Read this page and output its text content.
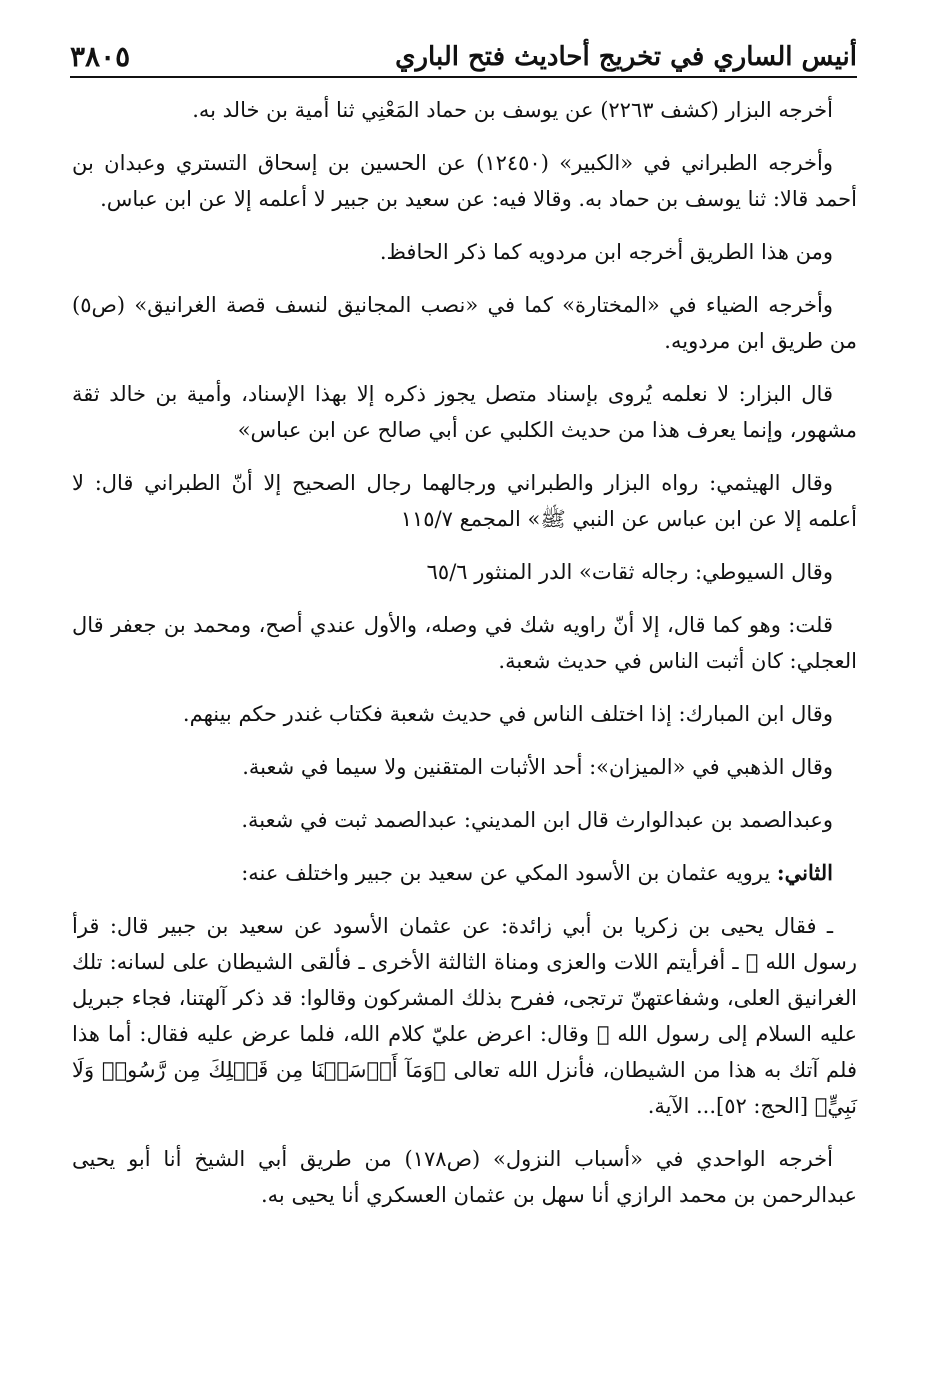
أنيس الساري في تخريج أحاديث فتح الباري
٣٨٠٥

أخرجه البزار (كشف ٢٢٦٣) عن يوسف بن حماد المَعْنِي ثنا أمية بن خالد به.

وأخرجه الطبراني في «الكبير» (١٢٤٥٠) عن الحسين بن إسحاق التستري وعبدان بن أحمد قالا: ثنا يوسف بن حماد به. وقالا فيه: عن سعيد بن جبير لا أعلمه إلا عن ابن عباس.

ومن هذا الطريق أخرجه ابن مردويه كما ذكر الحافظ.

وأخرجه الضياء في «المختارة» كما في «نصب المجانيق لنسف قصة الغرانيق» (ص٥) من طريق ابن مردويه.

قال البزار: لا نعلمه يُروى بإسناد متصل يجوز ذكره إلا بهذا الإسناد، وأمية بن خالد ثقة مشهور، وإنما يعرف هذا من حديث الكلبي عن أبي صالح عن ابن عباس»

وقال الهيثمي: رواه البزار والطبراني ورجالهما رجال الصحيح إلا أنّ الطبراني قال: لا أعلمه إلا عن ابن عباس عن النبي ﷺ» المجمع ١١٥/٧

وقال السيوطي: رجاله ثقات» الدر المنثور ٦٥/٦

قلت: وهو كما قال، إلا أنّ راويه شك في وصله، والأول عندي أصح، ومحمد بن جعفر قال العجلي: كان أثبت الناس في حديث شعبة.

وقال ابن المبارك: إذا اختلف الناس في حديث شعبة فكتاب غندر حكم بينهم.

وقال الذهبي في «الميزان»: أحد الأثبات المتقنين ولا سيما في شعبة.

وعبدالصمد بن عبدالوارث قال ابن المديني: عبدالصمد ثبت في شعبة.

الثاني: يرويه عثمان بن الأسود المكي عن سعيد بن جبير واختلف عنه:

ـ فقال يحيى بن زكريا بن أبي زائدة: عن عثمان الأسود عن سعيد بن جبير قال: قرأ رسول الله ﷺ ـ أفرأيتم اللات والعزى ومناة الثالثة الأخرى ـ فألقى الشيطان على لسانه: تلك الغرانيق العلى، وشفاعتهنّ ترتجى، ففرح بذلك المشركون وقالوا: قد ذكر آلهتنا، فجاء جبريل عليه السلام إلى رسول الله ﷺ وقال: اعرض عليّ كلام الله، فلما عرض عليه فقال: أما هذا فلم آتك به هذا من الشيطان، فأنزل الله تعالى ﴿وَمَآ أَرۡسَلۡنَا مِن قَبۡلِكَ مِن رَّسُولٖ وَلَا نَبِيٍّ﴾ [الحج: ٥٢]... الآية.

أخرجه الواحدي في «أسباب النزول» (ص١٧٨) من طريق أبي الشيخ أنا أبو يحيى عبدالرحمن بن محمد الرازي أنا سهل بن عثمان العسكري أنا يحيى به.
